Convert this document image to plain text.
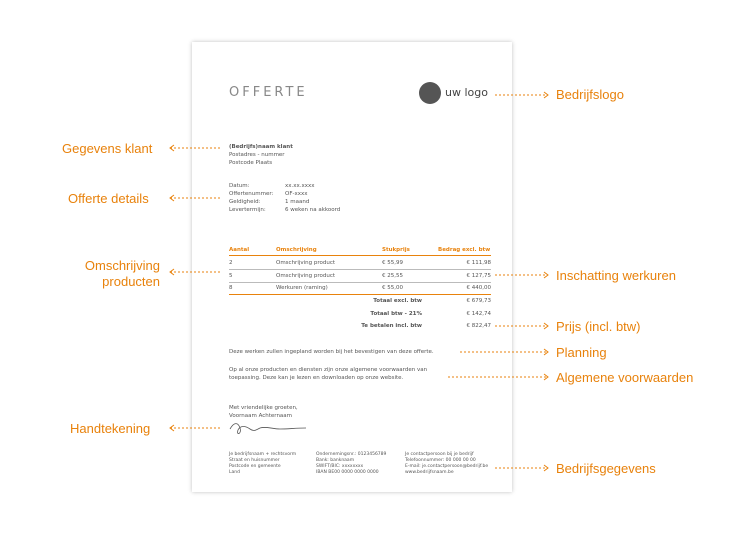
OFFERTE	uw logo
(Bedrijfs)naam klant
Postadres - nummer
Postcode Plaats
Datum:	xx.xx.xxxx
Offertenummer: OF-xxxx
Geldigheid:	1 maand
Levertermijn:	6 weken na akkoord
Aantal	Omschrijving	Stukprijs	Bedrag excl. btw
2	Omschrijving product	€ 55,99	€ 111,98
5	Omschrijving product	€ 25,55	€ 127,75
8	Werkuren (raming)	€ 55,00	€ 440,00
Totaal excl. btw	€ 679,73
Totaal btw - 21%	€ 142,74
Te betalen incl. btw	€ 822,47
Deze werken zullen ingepland worden bij het bevestigen van deze offerte.
Op al onze producten en diensten zijn onze algemene voorwaarden van
toepassing. Deze kan je lezen en downloaden op onze website.
Met vriendelijke groeten,
Voornaam Achternaam
Je bedrijfsnaam + rechtsvorm
Straat en huisnummer
Postcode en gemeente
Land
Ondernemingsnr.: 0123456789
Bank: banknaam
SWIFT/BIC: xxxxxxxx
IBAN BE00 0000 0000 0000
Je contactpersoon bij je bedrijf
Telefoonnummer: 00 000 00 00
E-mail: je.contactpersoon@bedrijf.be
www.bedrijfsnaam.be
Bedrijfslogo
Gegevens klant
Offerte details
Omschrijving
producten	Inschatting werkuren
Prijs (incl. btw)
Planning
Algemene voorwaarden
Handtekening
Bedrijfsgegevens
